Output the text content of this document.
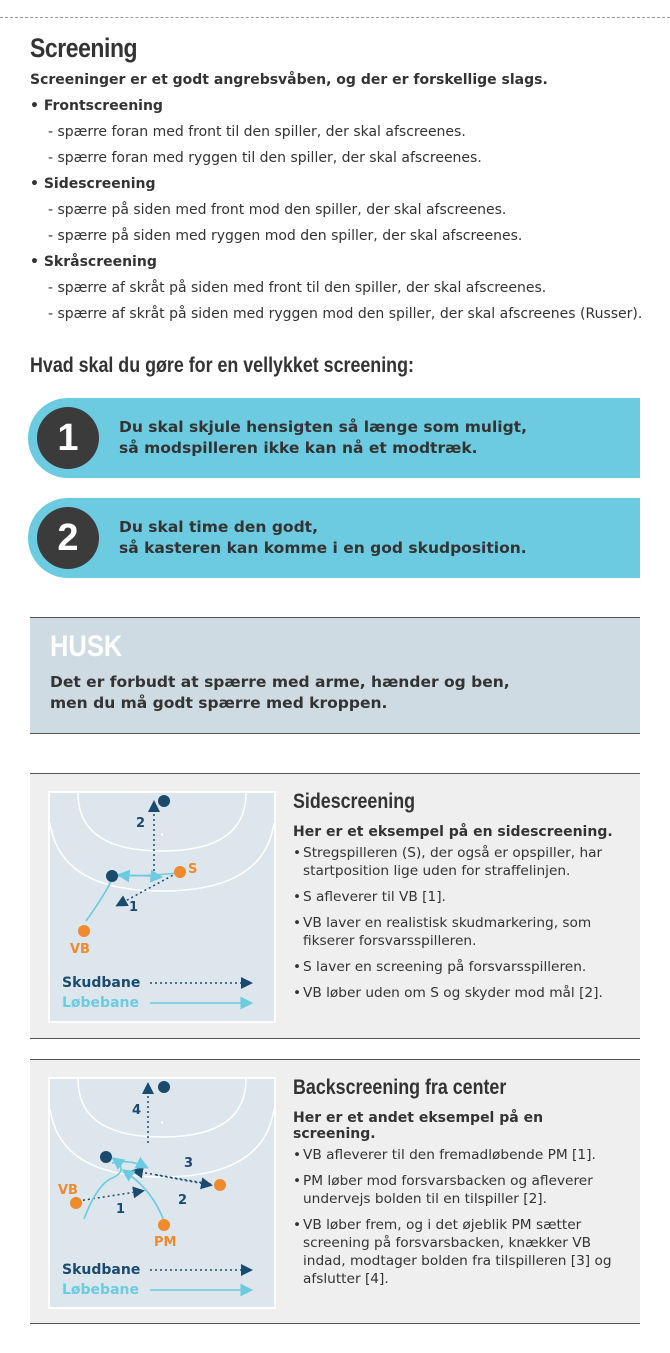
Screening
Screeninger er et godt angrebsvåben, og der er forskellige slags.
• Frontscreening
- spærre foran med front til den spiller, der skal afscreenes.
- spærre foran med ryggen til den spiller, der skal afscreenes.
• Sidescreening
- spærre på siden med front mod den spiller, der skal afscreenes.
- spærre på siden med ryggen mod den spiller, der skal afscreenes.
• Skråscreening
- spærre af skråt på siden med front til den spiller, der skal afscreenes.
- spærre af skråt på siden med ryggen mod den spiller, der skal afscreenes (Russer).
Hvad skal du gøre for en vellykket screening:
1	Du skal skjule hensigten så længe som muligt,
så modspilleren ikke kan nå et modtræk.
2	Du skal time den godt,
så kasteren kan komme i en god skudposition.
HUSK
Det er forbudt at spærre med arme, hænder og ben,
men du må godt spærre med kroppen.
2
1
S
VB
Skudbane
Løbebane
Sidescreening
Her er et eksempel på en sidescreening.
• Stregspilleren (S), der også er opspiller, har startposition lige uden for straffelinjen.
• S afleverer til VB [1].
• VB laver en realistisk skudmarkering, som fikserer forsvarsspilleren.
• S laver en screening på forsvarsspilleren.
• VB løber uden om S og skyder mod mål [2].
4
3
2
1
VB
PM
Skudbane
Løbebane
Backscreening fra center
Her er et andet eksempel på en screening.
• VB afleverer til den fremadløbende PM [1].
• PM løber mod forsvarsbacken og afleverer undervejs bolden til en tilspiller [2].
• VB løber frem, og i det øjeblik PM sætter screening på forsvarsbacken, knækker VB indad, modtager bolden fra tilspilleren [3] og afslutter [4].
